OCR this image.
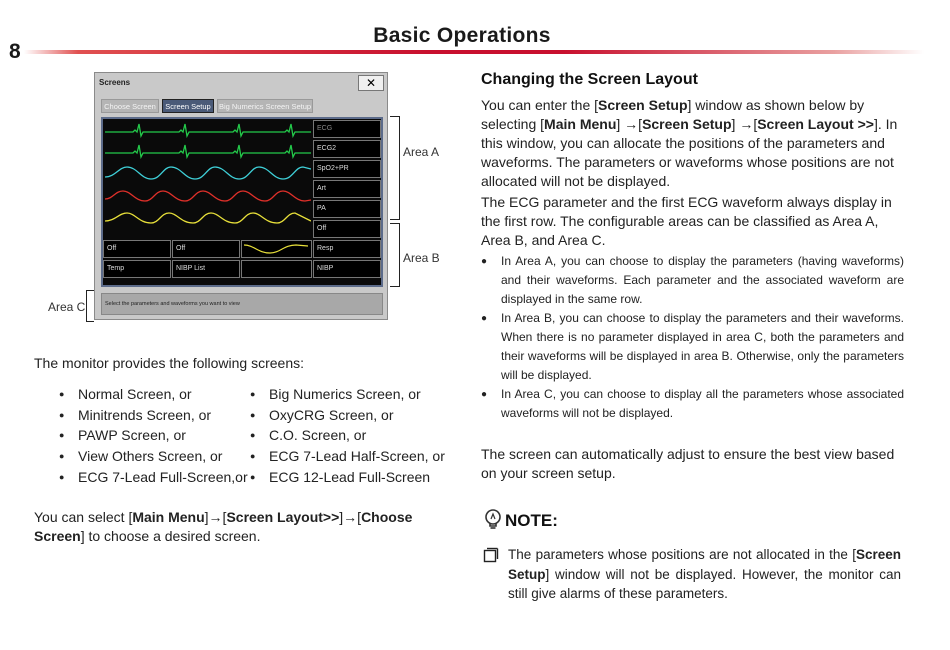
8
Basic Operations
Screens	✕
Choose Screen	Screen Setup	Big Numerics Screen Setup
ECG
ECG2
SpO2+PR
Art
PA
Off
Resp
NIBP
Off	Off
Temp	NIBP List
Select the parameters and waveforms you want to view
Area A
Area B
Area C
The monitor provides the following screens:
● Normal Screen, or
● Minitrends Screen, or
● PAWP Screen, or
● View Others Screen, or
● ECG 7-Lead Full-Screen,or
● Big Numerics Screen, or
● OxyCRG Screen, or
● C.O. Screen, or
● ECG 7-Lead Half-Screen, or
● ECG 12-Lead Full-Screen

You can select [Main Menu]→[Screen Layout>>]→[Choose Screen] to choose a desired screen.

Changing the Screen Layout

You can enter the [Screen Setup] window as shown below by selecting [Main Menu] →[Screen Setup] →[Screen Layout >>]. In this window, you can allocate the positions of the parameters and waveforms. The parameters or waveforms whose positions are not allocated will not be displayed.

The ECG parameter and the first ECG waveform always display in the first row. The configurable areas can be classified as Area A, Area B, and Area C.

● In Area A, you can choose to display the parameters (having waveforms) and their waveforms. Each parameter and the associated waveform are displayed in the same row.
● In Area B, you can choose to display the parameters and their waveforms. When there is no parameter displayed in area C, both the parameters and their waveforms will be displayed in area B. Otherwise, only the parameters will be displayed.
● In Area C, you can choose to display all the parameters whose associated waveforms will not be displayed.

The screen can automatically adjust to ensure the best view based on your screen setup.

NOTE:

The parameters whose positions are not allocated in the [Screen Setup] window will not be displayed. However, the monitor can still give alarms of these parameters.
